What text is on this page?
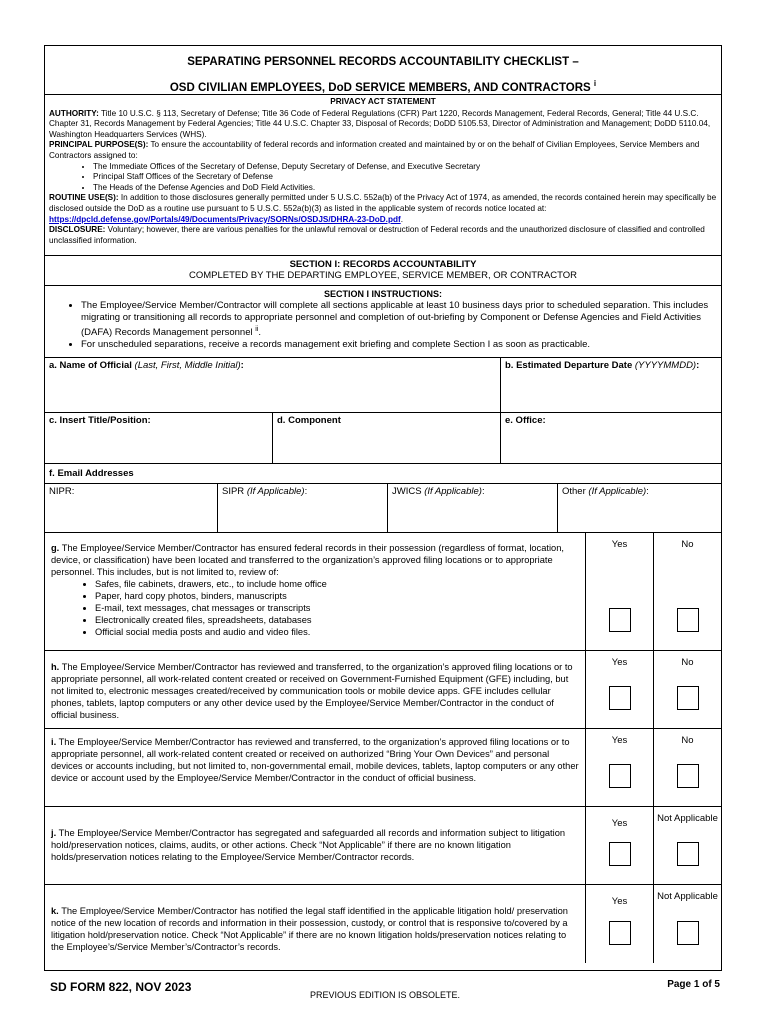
SEPARATING PERSONNEL RECORDS ACCOUNTABILITY CHECKLIST –
OSD CIVILIAN EMPLOYEES, DoD SERVICE MEMBERS, AND CONTRACTORS $^i$
PRIVACY ACT STATEMENT
AUTHORITY: Title 10 U.S.C. § 113, Secretary of Defense; Title 36 Code of Federal Regulations (CFR) Part 1220, Records Management, Federal Records, General; Title 44 U.S.C. Chapter 31, Records Management by Federal Agencies; Title 44 U.S.C. Chapter 33, Disposal of Records; DoDD 5105.53, Director of Administration and Management; DoDD 5110.04, Washington Headquarters Services (WHS).
PRINCIPAL PURPOSE(S): To ensure the accountability of federal records and information created and maintained by or on the behalf of Civilian Employees, Service Members and Contractors assigned to:
• The Immediate Offices of the Secretary of Defense, Deputy Secretary of Defense, and Executive Secretary
• Principal Staff Offices of the Secretary of Defense
• The Heads of the Defense Agencies and DoD Field Activities.
ROUTINE USE(S): In addition to those disclosures generally permitted under 5 U.S.C. 552a(b) of the Privacy Act of 1974, as amended, the records contained herein may specifically be disclosed outside the DoD as a routine use pursuant to 5 U.S.C. 552a(b)(3) as listed in the applicable system of records notice located at: https://dpcld.defense.gov/Portals/49/Documents/Privacy/SORNs/OSDJS/DHRA-23-DoD.pdf.
DISCLOSURE: Voluntary; however, there are various penalties for the unlawful removal or destruction of Federal records and the unauthorized disclosure of classified and controlled unclassified information.
SECTION I: RECORDS ACCOUNTABILITY
COMPLETED BY THE DEPARTING EMPLOYEE, SERVICE MEMBER, OR CONTRACTOR
SECTION I INSTRUCTIONS:
• The Employee/Service Member/Contractor will complete all sections applicable at least 10 business days prior to scheduled separation. This includes migrating or transitioning all records to appropriate personnel and completion of out-briefing by Component or Defense Agencies and Field Activities (DAFA) Records Management personnel $^{ii}$.
• For unscheduled separations, receive a records management exit briefing and complete Section I as soon as practicable.
a. Name of Official (Last, First, Middle Initial):	b. Estimated Departure Date (YYYYMMDD):
c. Insert Title/Position:	d. Component	e. Office:
f. Email Addresses
NIPR:	SIPR (If Applicable):	JWICS (If Applicable):	Other (If Applicable):
g. The Employee/Service Member/Contractor has ensured federal records in their possession (regardless of format, location, device, or classification) have been located and transferred to the organization’s approved filing locations or to appropriate personnel. This includes, but is not limited to, review of:
• Safes, file cabinets, drawers, etc., to include home office
• Paper, hard copy photos, binders, manuscripts
• E-mail, text messages, chat messages or transcripts
• Electronically created files, spreadsheets, databases
• Official social media posts and audio and video files.
Yes	No
h. The Employee/Service Member/Contractor has reviewed and transferred, to the organization’s approved filing locations or to appropriate personnel, all work-related content created or received on Government-Furnished Equipment (GFE) including, but not limited to, electronic messages created/received by communication tools or mobile device apps. GFE includes cellular phones, tablets, laptop computers or any other device used by the Employee/Service Member/Contractor in the conduct of official business.
Yes	No
i. The Employee/Service Member/Contractor has reviewed and transferred, to the organization’s approved filing locations or to appropriate personnel, all work-related content created or received on authorized “Bring Your Own Devices” and personal devices or accounts including, but not limited to, non-governmental email, mobile devices, tablets, laptop computers or any other device or account used by the Employee/Service Member/Contractor in the conduct of official business.
Yes	No
j. The Employee/Service Member/Contractor has segregated and safeguarded all records and information subject to litigation hold/preservation notices, claims, audits, or other actions. Check “Not Applicable” if there are no known litigation holds/preservation notices relating to the Employee/Service Member/Contractor records.
Yes	Not Applicable
k. The Employee/Service Member/Contractor has notified the legal staff identified in the applicable litigation hold/ preservation notice of the new location of records and information in their possession, custody, or control that is responsive to/covered by a litigation hold/preservation notice. Check “Not Applicable” if there are no known litigation holds/preservation notices relating to the Employee’s/Service Member’s/Contractor’s records.
Yes	Not Applicable
SD FORM 822, NOV 2023
PREVIOUS EDITION IS OBSOLETE.
Page 1 of 5
